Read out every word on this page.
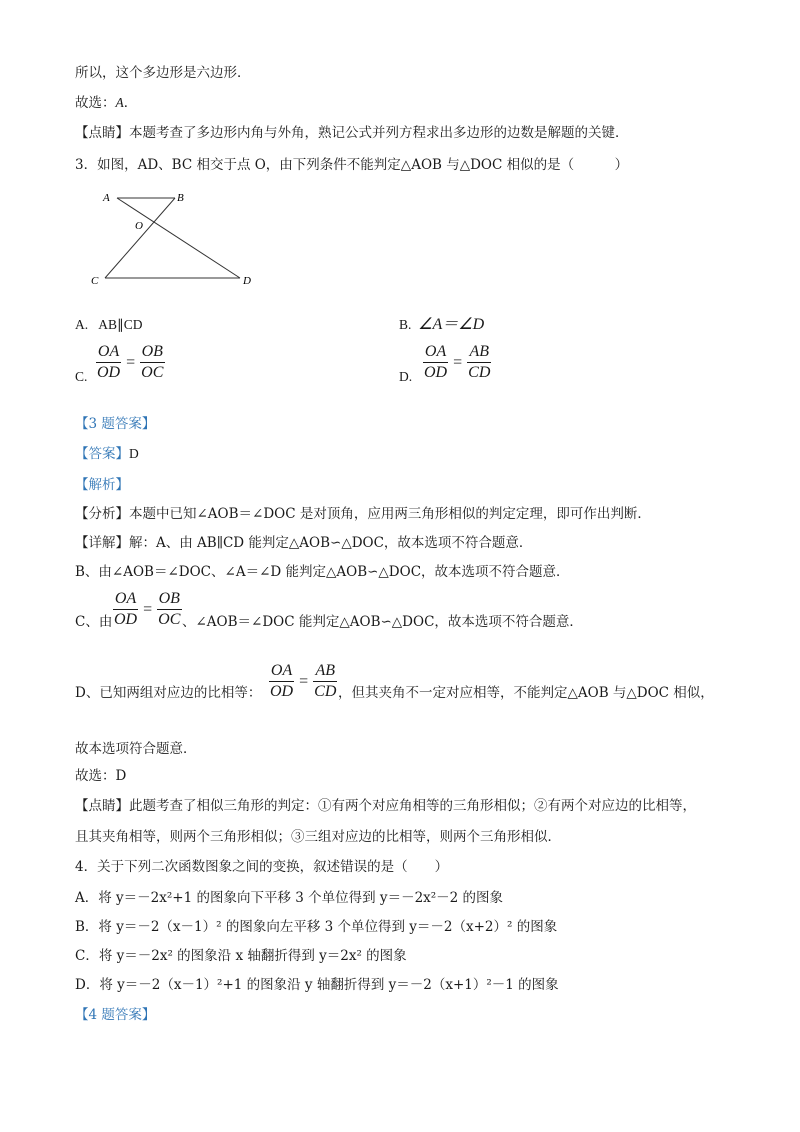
所以，这个多边形是六边形．
故选：A．
【点睛】本题考查了多边形内角与外角，熟记公式并列方程求出多边形的边数是解题的关键．
3．如图，AD、BC 相交于点 O，由下列条件不能判定△AOB 与△DOC 相似的是（　　　）
A	B
O
C	D
A. AB∥CD	B. ∠A＝∠D
C. $\frac{OA}{OD} = \frac{OB}{OC}$	D. $\frac{OA}{OD} = \frac{AB}{CD}$
【3 题答案】
【答案】D
【解析】
【分析】本题中已知∠AOB＝∠DOC 是对顶角，应用两三角形相似的判定定理，即可作出判断．
【详解】解：A、由 AB∥CD 能判定△AOB∽△DOC，故本选项不符合题意．
B、由∠AOB＝∠DOC、∠A＝∠D 能判定△AOB∽△DOC，故本选项不符合题意．
C、由 $\frac{OA}{OD} = \frac{OB}{OC}$ 、∠AOB＝∠DOC 能判定△AOB∽△DOC，故本选项不符合题意．
D、已知两组对应边的比相等： $\frac{OA}{OD} = \frac{AB}{CD}$ ，但其夹角不一定对应相等，不能判定△AOB 与△DOC 相似，
故本选项符合题意．
故选：D
【点睛】此题考查了相似三角形的判定：①有两个对应角相等的三角形相似；②有两个对应边的比相等，
且其夹角相等，则两个三角形相似；③三组对应边的比相等，则两个三角形相似．
4．关于下列二次函数图象之间的变换，叙述错误的是（　　）
A．将 y＝－2x²+1 的图象向下平移 3 个单位得到 y＝－2x²－2 的图象
B．将 y＝－2（x－1）² 的图象向左平移 3 个单位得到 y＝－2（x+2）² 的图象
C．将 y＝－2x² 的图象沿 x 轴翻折得到 y＝2x² 的图象
D．将 y＝－2（x－1）²+1 的图象沿 y 轴翻折得到 y＝－2（x+1）²－1 的图象
【4 题答案】
